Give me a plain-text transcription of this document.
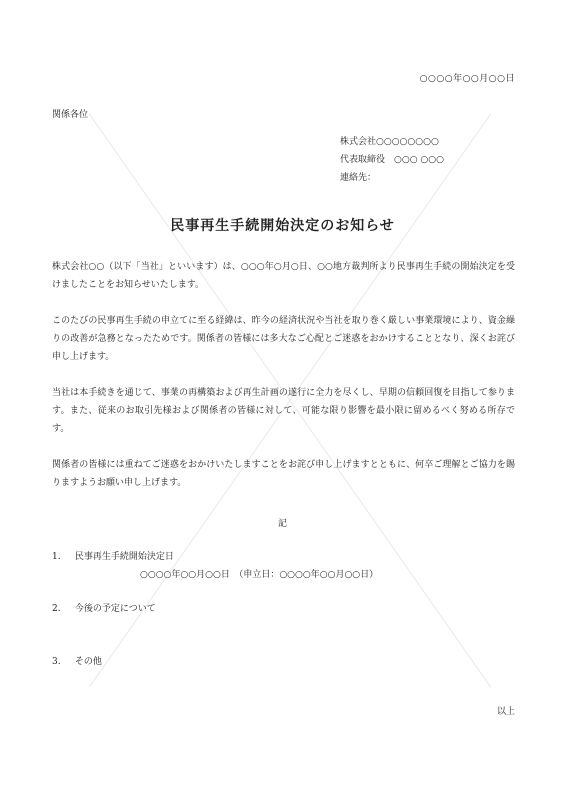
○○○○年○○月○○日
関係各位
株式会社○○○○○○○○
代表取締役　○○○ ○○○
連絡先：
民事再生手続開始決定のお知らせ

株式会社○○（以下「当社」といいます）は、○○○年○月○日、○○地方裁判所より民事再生手続の開始決定を受けましたことをお知らせいたします。

このたびの民事再生手続の申立てに至る経緯は、昨今の経済状況や当社を取り巻く厳しい事業環境により、資金繰りの改善が急務となったためです。関係者の皆様には多大なご心配とご迷惑をおかけすることとなり、深くお詫び申し上げます。

当社は本手続きを通じて、事業の再構築および再生計画の遂行に全力を尽くし、早期の信頼回復を目指して参ります。また、従来のお取引先様および関係者の皆様に対して、可能な限り影響を最小限に留めるべく努める所存です。

関係者の皆様には重ねてご迷惑をおかけいたしますことをお詫び申し上げますとともに、何卒ご理解とご協力を賜りますようお願い申し上げます。

記
1. 民事再生手続開始決定日
○○○○年○○月○○日　（申立日：○○○○年○○月○○日）
2. 今後の予定について
3. その他
以上
